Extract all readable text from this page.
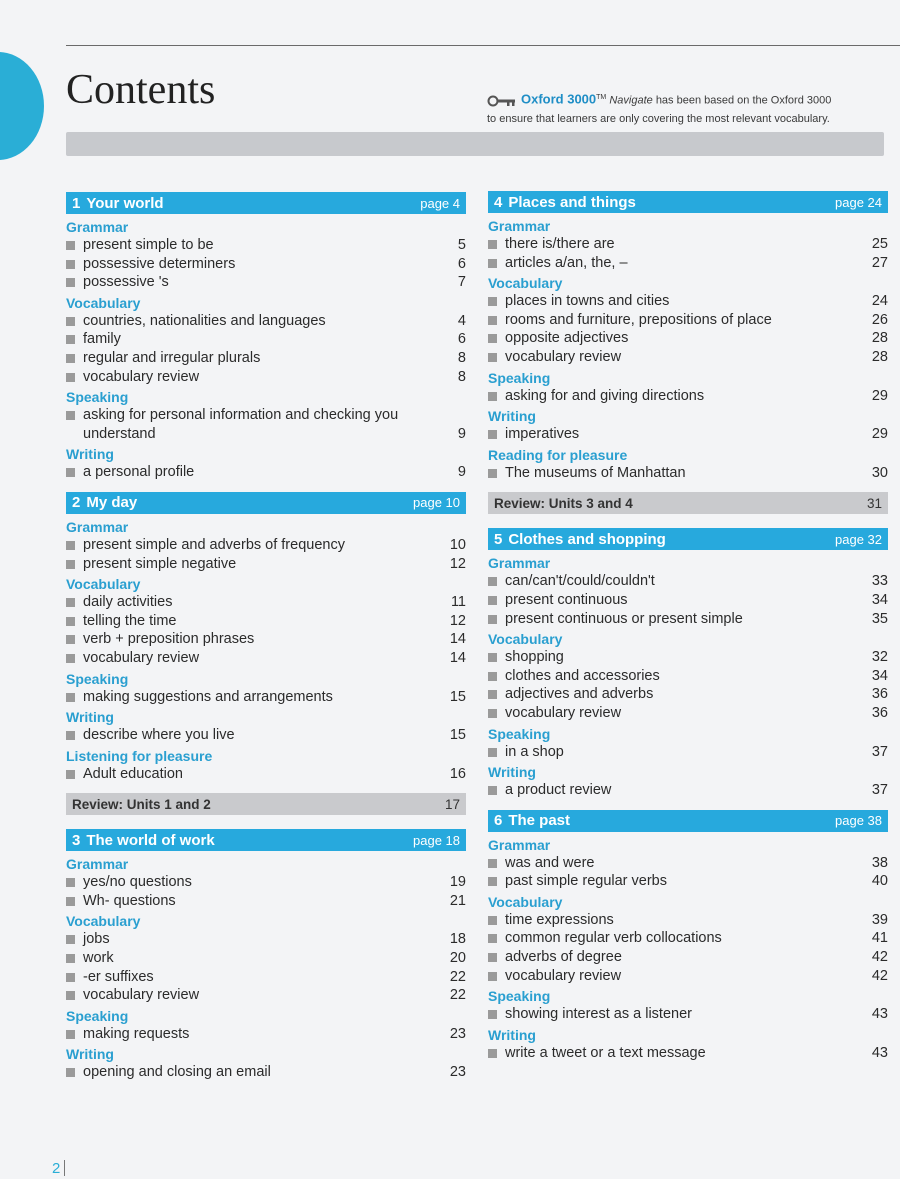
Contents	Oxford 3000™ Navigate has been based on the Oxford 3000
to ensure that learners are only covering the most relevant vocabulary.
1 Your world	page 4
Grammar
present simple to be	5
possessive determiners	6
possessive 's	7
Vocabulary
countries, nationalities and languages	4
family	6
regular and irregular plurals	8
vocabulary review	8
Speaking
asking for personal information and checking you understand	9
Writing
a personal profile	9
2 My day	page 10
Grammar
present simple and adverbs of frequency	10
present simple negative	12
Vocabulary
daily activities	11
telling the time	12
verb + preposition phrases	14
vocabulary review	14
Speaking
making suggestions and arrangements	15
Writing
describe where you live	15
Listening for pleasure
Adult education	16
Review: Units 1 and 2	17
3 The world of work	page 18
Grammar
yes/no questions	19
Wh- questions	21
Vocabulary
jobs	18
work	20
-er suffixes	22
vocabulary review	22
Speaking
making requests	23
Writing
opening and closing an email	23
4 Places and things	page 24
Grammar
there is/there are	25
articles a/an, the, –	27
Vocabulary
places in towns and cities	24
rooms and furniture, prepositions of place	26
opposite adjectives	28
vocabulary review	28
Speaking
asking for and giving directions	29
Writing
imperatives	29
Reading for pleasure
The museums of Manhattan	30
Review: Units 3 and 4	31
5 Clothes and shopping	page 32
Grammar
can/can't/could/couldn't	33
present continuous	34
present continuous or present simple	35
Vocabulary
shopping	32
clothes and accessories	34
adjectives and adverbs	36
vocabulary review	36
Speaking
in a shop	37
Writing
a product review	37
6 The past	page 38
Grammar
was and were	38
past simple regular verbs	40
Vocabulary
time expressions	39
common regular verb collocations	41
adverbs of degree	42
vocabulary review	42
Speaking
showing interest as a listener	43
Writing
write a tweet or a text message	43
2
